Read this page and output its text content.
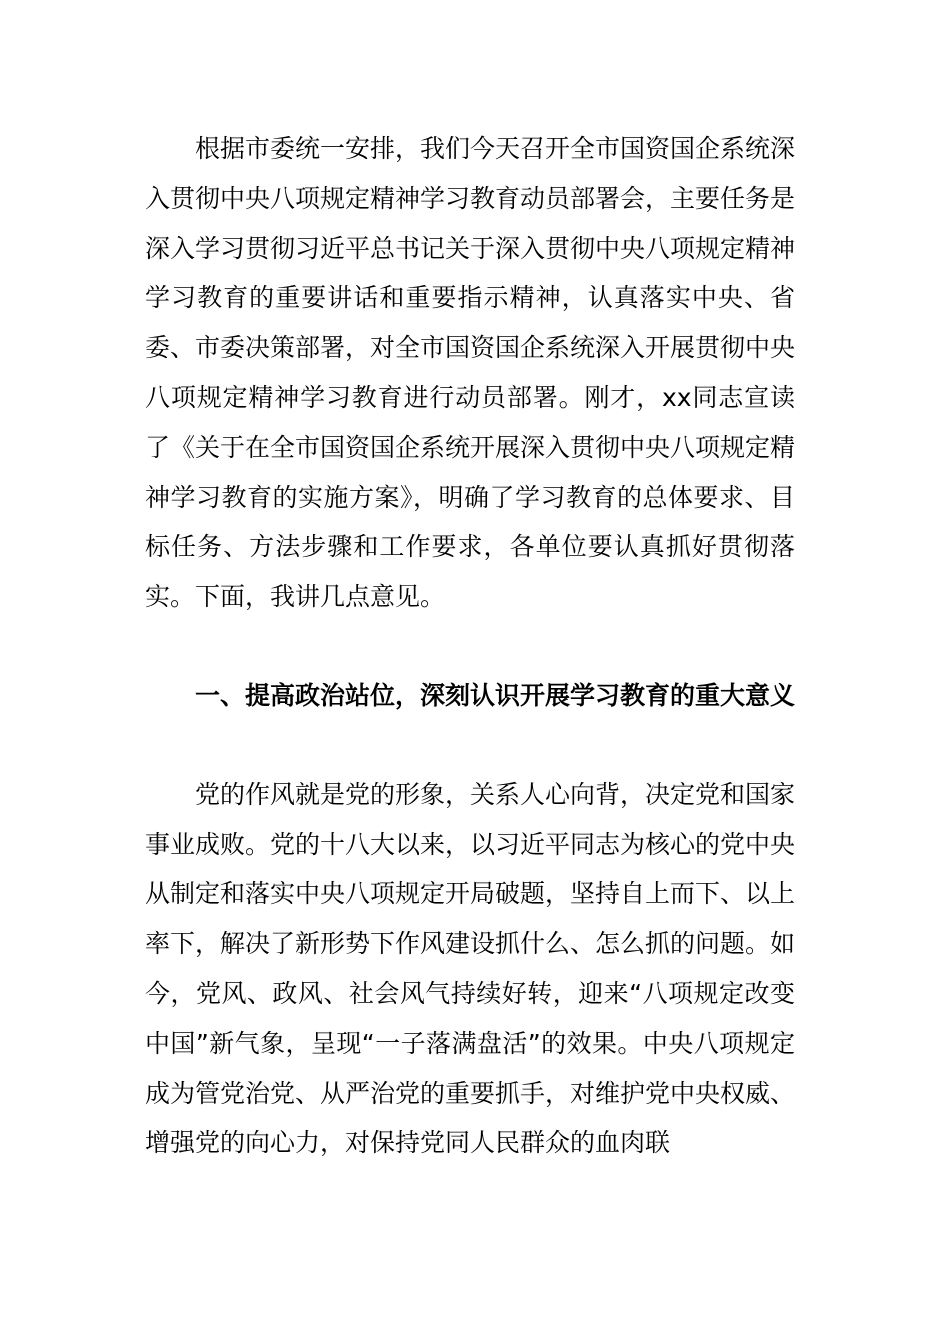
根据市委统一安排，我们今天召开全市国资国企系统深入贯彻中央八项规定精神学习教育动员部署会，主要任务是深入学习贯彻习近平总书记关于深入贯彻中央八项规定精神学习教育的重要讲话和重要指示精神，认真落实中央、省委、市委决策部署，对全市国资国企系统深入开展贯彻中央八项规定精神学习教育进行动员部署。刚才，xx同志宣读了《关于在全市国资国企系统开展深入贯彻中央八项规定精神学习教育的实施方案》，明确了学习教育的总体要求、目标任务、方法步骤和工作要求，各单位要认真抓好贯彻落实。下面，我讲几点意见。

一、提高政治站位，深刻认识开展学习教育的重大意义

党的作风就是党的形象，关系人心向背，决定党和国家事业成败。党的十八大以来，以习近平同志为核心的党中央从制定和落实中央八项规定开局破题，坚持自上而下、以上率下，解决了新形势下作风建设抓什么、怎么抓的问题。如今，党风、政风、社会风气持续好转，迎来“八项规定改变中国”新气象，呈现“一子落满盘活”的效果。中央八项规定成为管党治党、从严治党的重要抓手，对维护党中央权威、增强党的向心力，对保持党同人民群众的血肉联
